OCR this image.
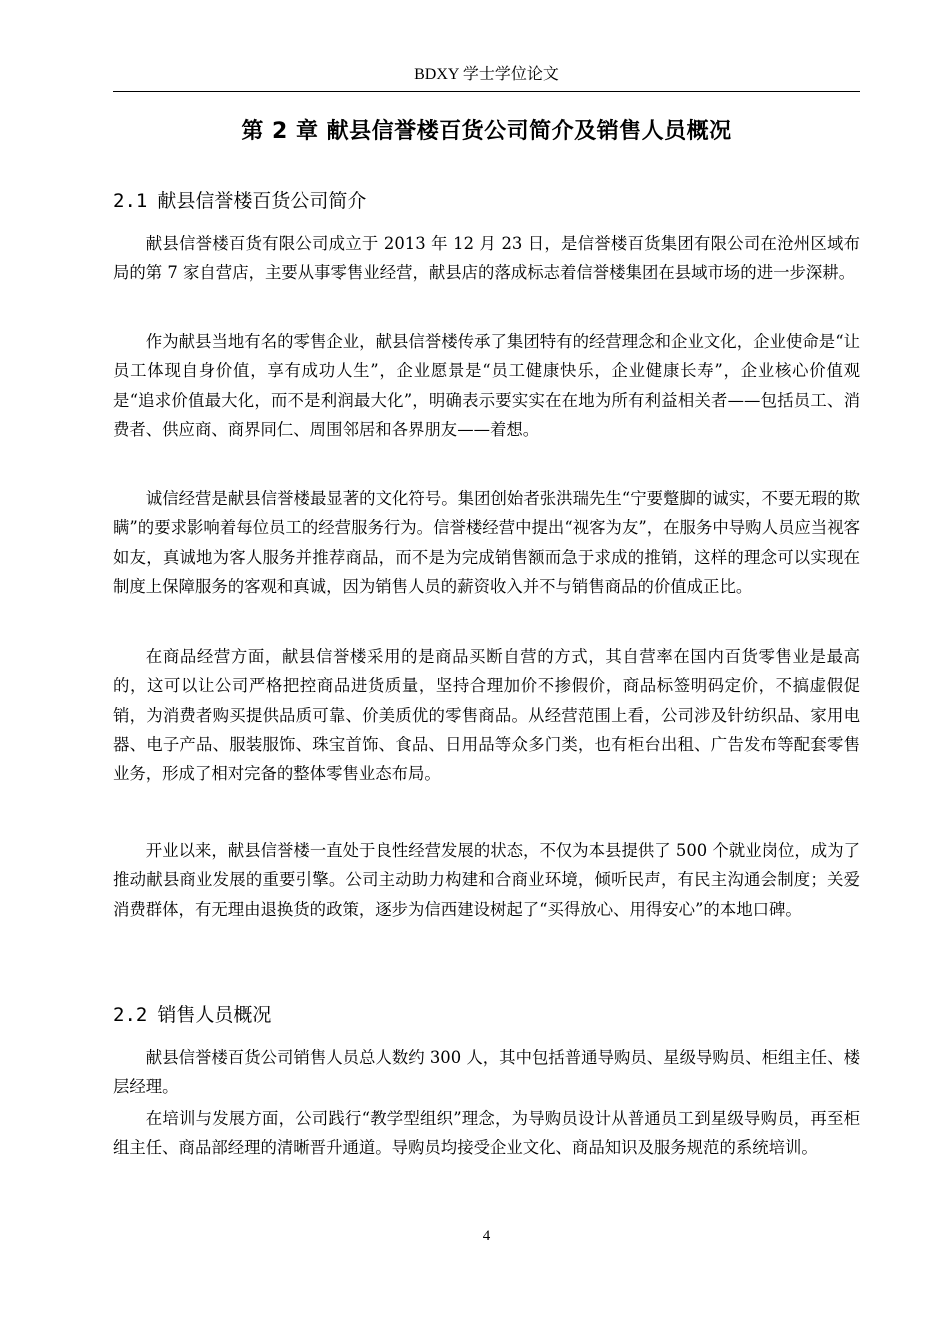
BDXY 学士学位论文
第 2 章 献县信誉楼百货公司简介及销售人员概况
2.1 献县信誉楼百货公司简介

献县信誉楼百货有限公司成立于 2013 年 12 月 23 日，是信誉楼百货集团有限公司在沧州区域布局的第 7 家自营店，主要从事零售业经营，献县店的落成标志着信誉楼集团在县域市场的进一步深耕。

作为献县当地有名的零售企业，献县信誉楼传承了集团特有的经营理念和企业文化，企业使命是“让员工体现自身价值，享有成功人生”，企业愿景是“员工健康快乐，企业健康长寿”，企业核心价值观是“追求价值最大化，而不是利润最大化”，明确表示要实实在在地为所有利益相关者——包括员工、消费者、供应商、商界同仁、周围邻居和各界朋友——着想。

诚信经营是献县信誉楼最显著的文化符号。集团创始者张洪瑞先生“宁要蹩脚的诚实，不要无瑕的欺瞒”的要求影响着每位员工的经营服务行为。信誉楼经营中提出“视客为友”，在服务中导购人员应当视客如友，真诚地为客人服务并推荐商品，而不是为完成销售额而急于求成的推销，这样的理念可以实现在制度上保障服务的客观和真诚，因为销售人员的薪资收入并不与销售商品的价值成正比。

在商品经营方面，献县信誉楼采用的是商品买断自营的方式，其自营率在国内百货零售业是最高的，这可以让公司严格把控商品进货质量，坚持合理加价不掺假价，商品标签明码定价，不搞虚假促销，为消费者购买提供品质可靠、价美质优的零售商品。从经营范围上看，公司涉及针纺织品、家用电器、电子产品、服装服饰、珠宝首饰、食品、日用品等众多门类，也有柜台出租、广告发布等配套零售业务，形成了相对完备的整体零售业态布局。

开业以来，献县信誉楼一直处于良性经营发展的状态，不仅为本县提供了 500 个就业岗位，成为了推动献县商业发展的重要引擎。公司主动助力构建和合商业环境，倾听民声，有民主沟通会制度；关爱消费群体，有无理由退换货的政策，逐步为信西建设树起了“买得放心、用得安心”的本地口碑。

2.2 销售人员概况

献县信誉楼百货公司销售人员总人数约 300 人，其中包括普通导购员、星级导购员、柜组主任、楼层经理。

在培训与发展方面，公司践行“教学型组织”理念，为导购员设计从普通员工到星级导购员，再至柜组主任、商品部经理的清晰晋升通道。导购员均接受企业文化、商品知识及服务规范的系统培训。

4
